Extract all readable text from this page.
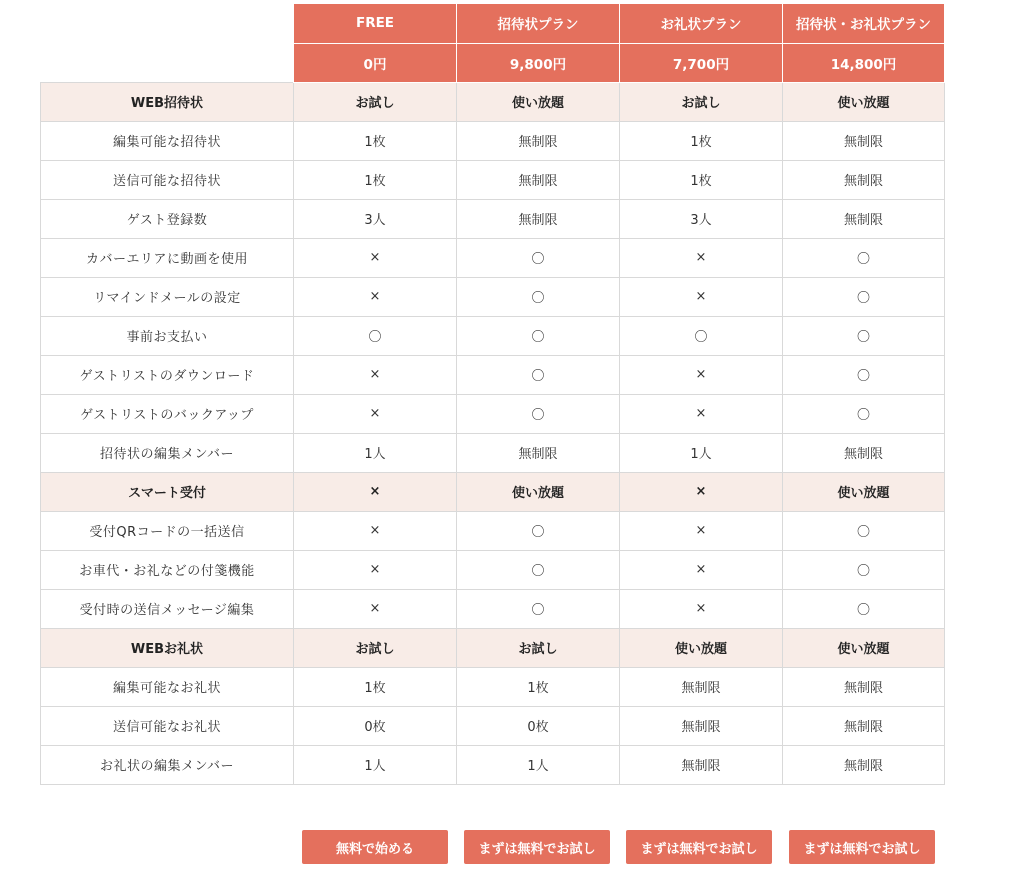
	FREE	招待状プラン	お礼状プラン	招待状・お礼状プラン
	0円	9,800円	7,700円	14,800円
WEB招待状	お試し	使い放題	お試し	使い放題
編集可能な招待状	1枚	無制限	1枚	無制限
送信可能な招待状	1枚	無制限	1枚	無制限
ゲスト登録数	3人	無制限	3人	無制限
カバーエリアに動画を使用	×	〇	×	〇
リマインドメールの設定	×	〇	×	〇
事前お支払い	〇	〇	〇	〇
ゲストリストのダウンロード	×	〇	×	〇
ゲストリストのバックアップ	×	〇	×	〇
招待状の編集メンバー	1人	無制限	1人	無制限
スマート受付	×	使い放題	×	使い放題
受付QRコードの一括送信	×	〇	×	〇
お車代・お礼などの付箋機能	×	〇	×	〇
受付時の送信メッセージ編集	×	〇	×	〇
WEBお礼状	お試し	お試し	使い放題	使い放題
編集可能なお礼状	1枚	1枚	無制限	無制限
送信可能なお礼状	0枚	0枚	無制限	無制限
お礼状の編集メンバー	1人	1人	無制限	無制限
無料で始める	まずは無料でお試し	まずは無料でお試し	まずは無料でお試し
